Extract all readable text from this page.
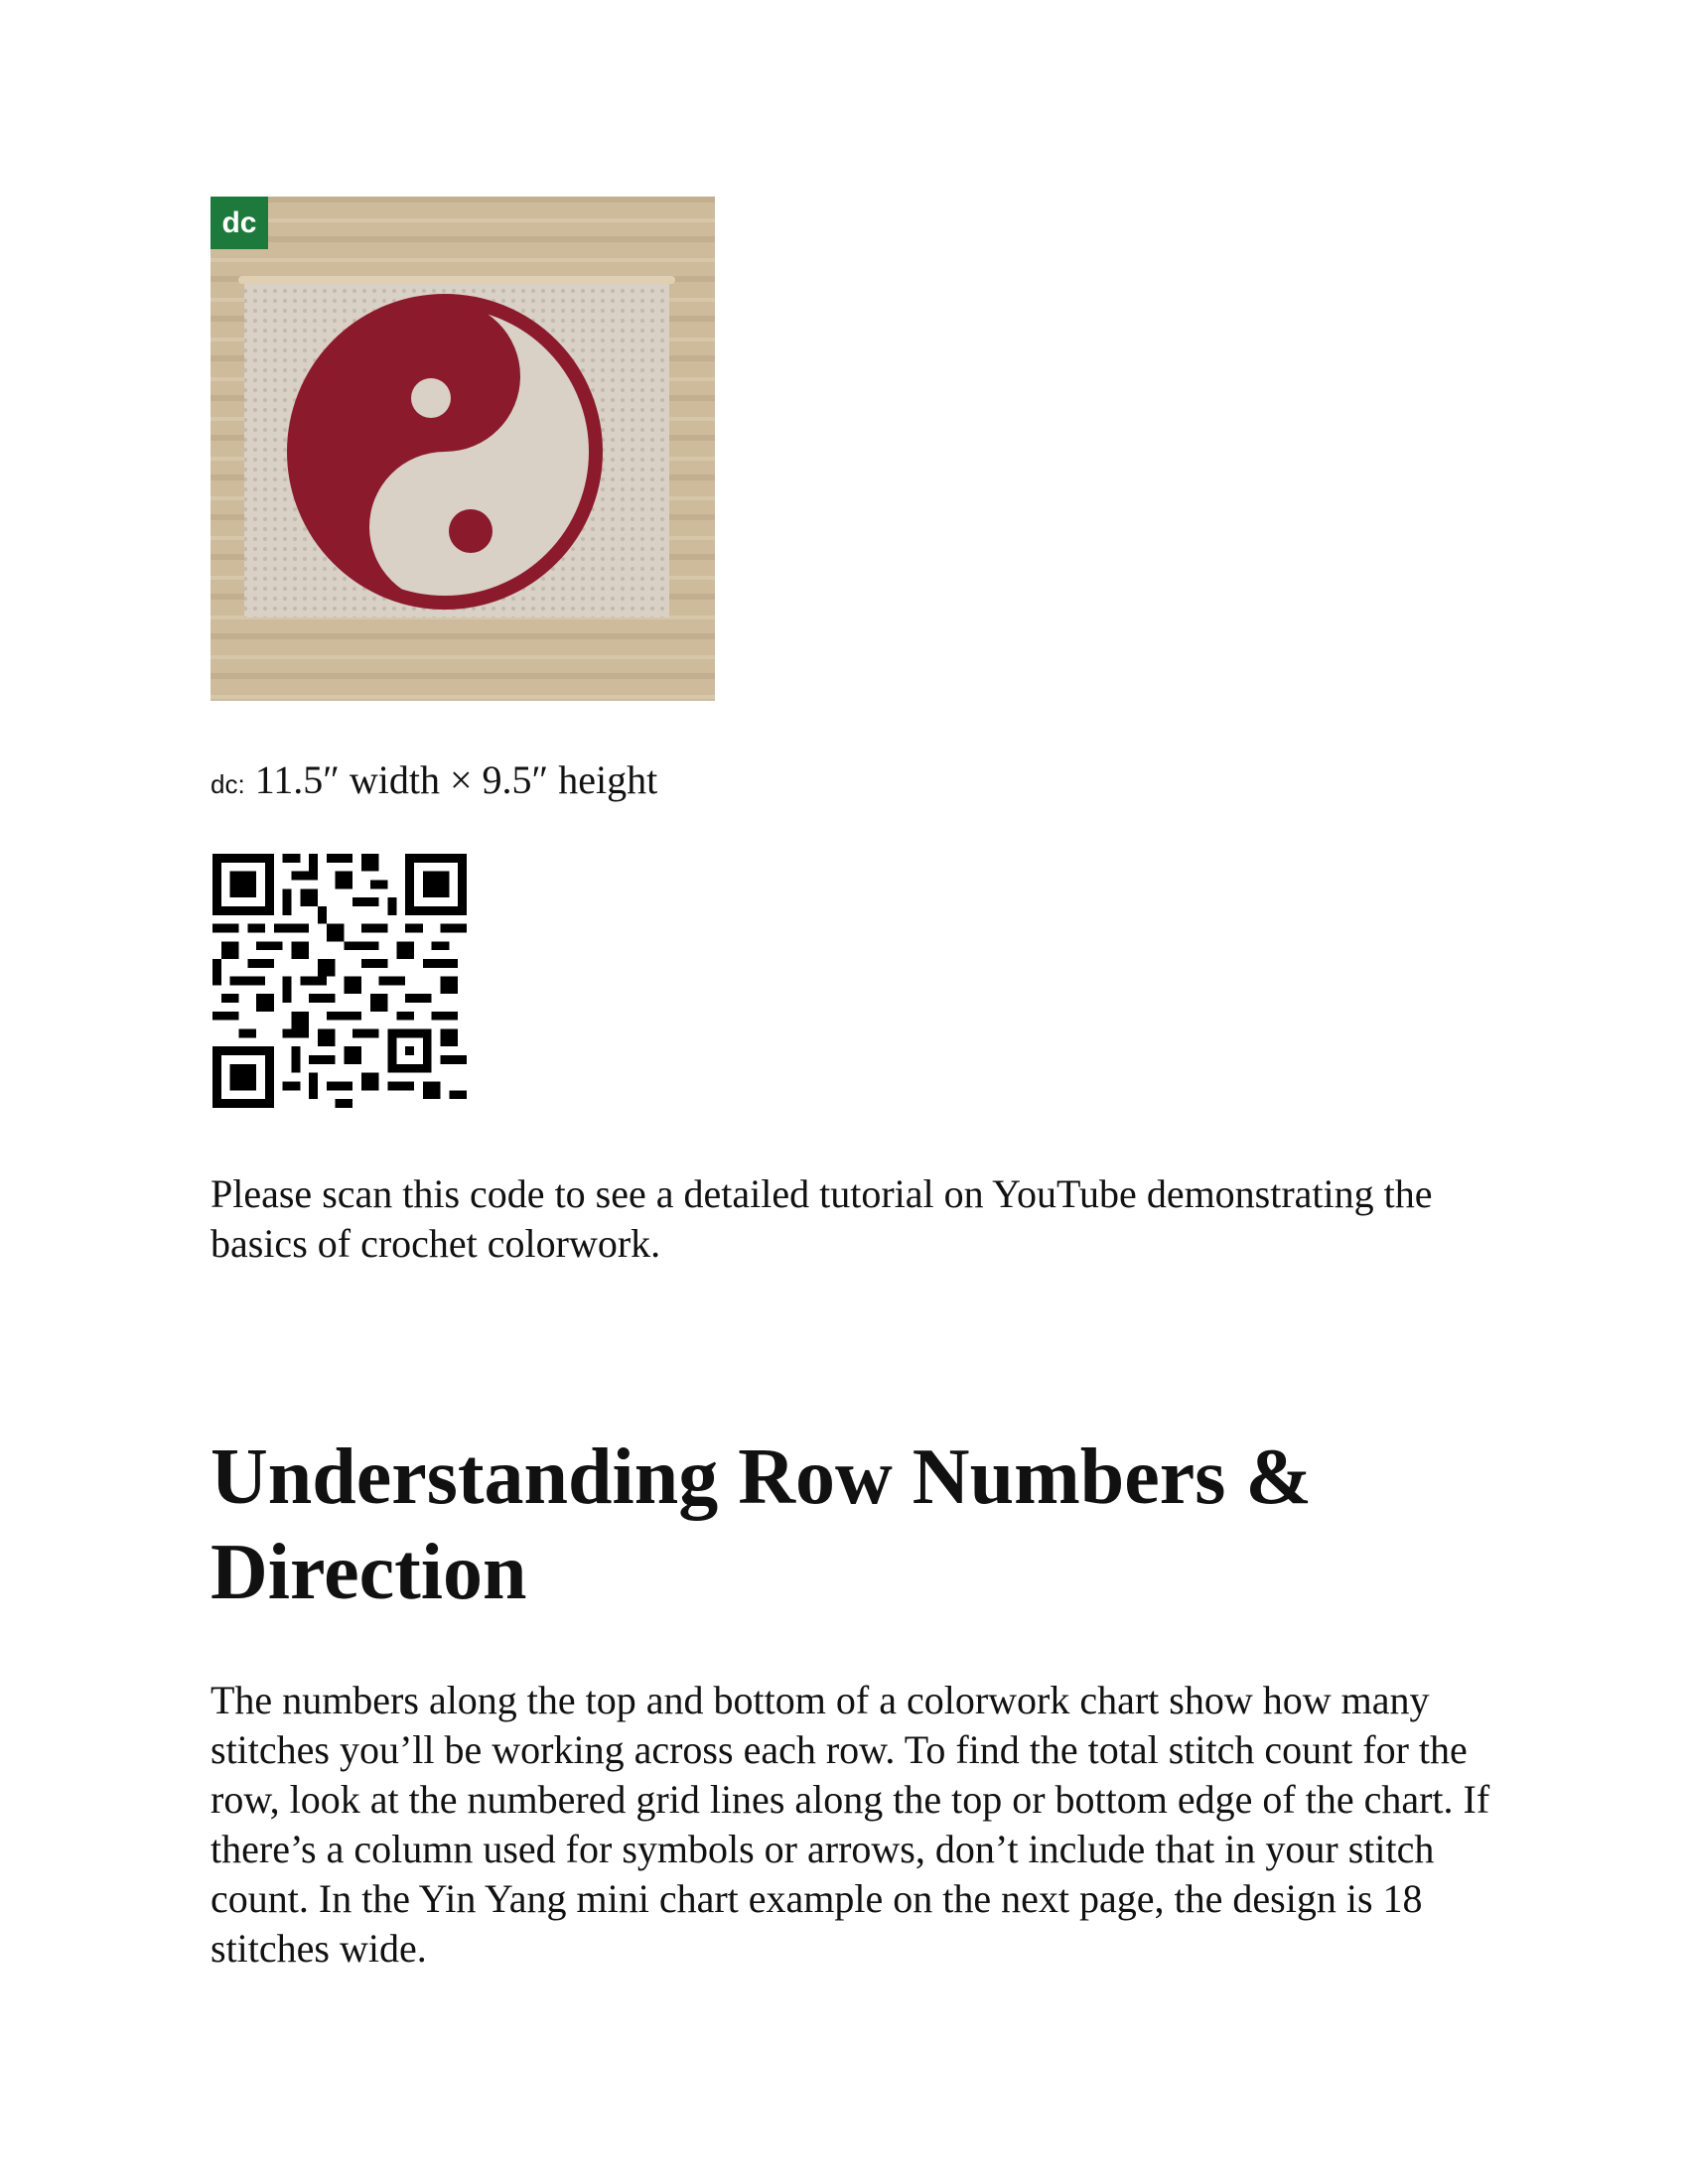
dc
dc: 11.5″ width × 9.5″ height
Please scan this code to see a detailed tutorial on YouTube demonstrating the basics of crochet colorwork.
Understanding Row Numbers & Direction

The numbers along the top and bottom of a colorwork chart show how many stitches you’ll be working across each row. To find the total stitch count for the row, look at the numbered grid lines along the top or bottom edge of the chart. If there’s a column used for symbols or arrows, don’t include that in your stitch count. In the Yin Yang mini chart example on the next page, the design is 18 stitches wide.
